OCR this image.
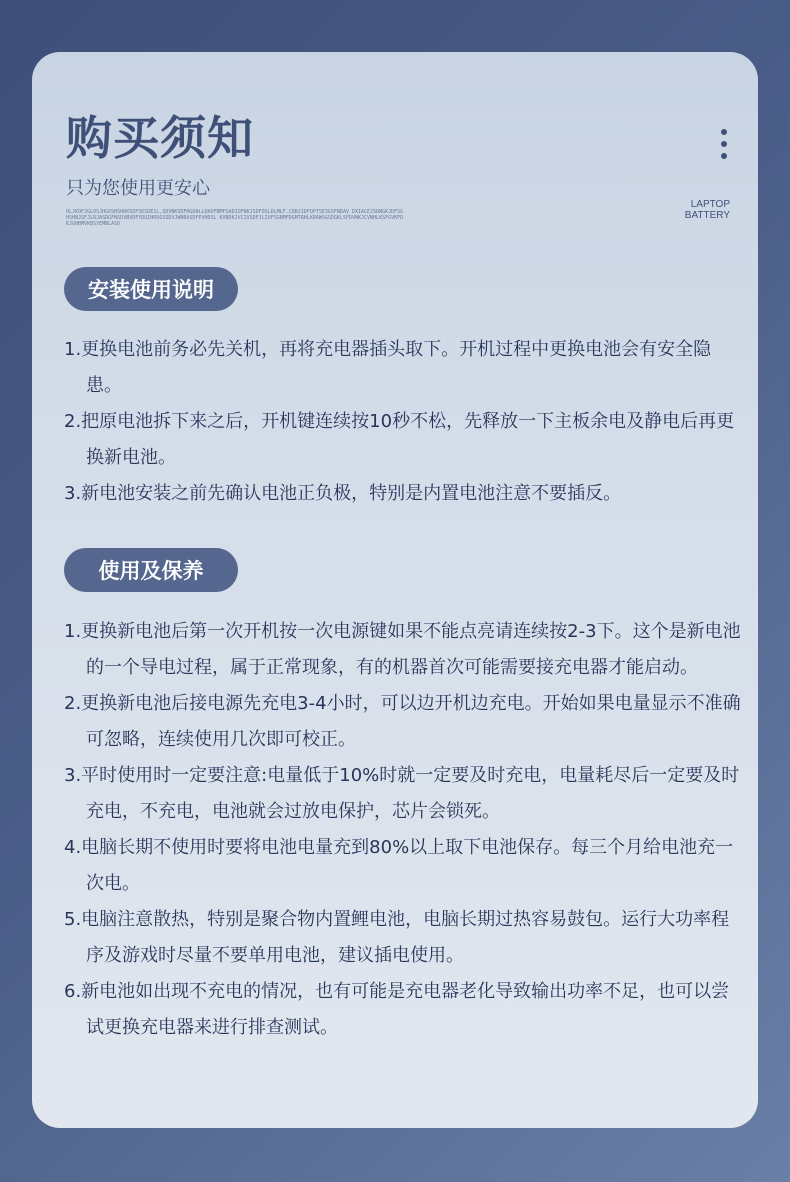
购买须知
只为您使用更安心
OLJKOFJGLOSJHGOSHSHRKSOFSKSDE1L,SDVNKSDFHGDNLLDKDFNMFSADIUFNKJSDFOSLDLMLF.CDBJIDFOPTSE3GSFNDAV DXIACEJSDNGKJDFSGHSHNJSFJLRJASDGFNSDVBVDFYDUIHRUGSSDVJWNBASDFPVHDSL KVNDKJVCIVSDFJLIUFSGNMFDGMTRHLKRAWSGSDGKLSFDVNKJCVNHLKSFGVKFDKJGHBMVKBSYEMNLASD
LAPTOP
BATTERY
安装使用说明
1.更换电池前务必先关机，再将充电器插头取下。开机过程中更换电池会有安全隐患。
2.把原电池拆下来之后，开机键连续按10秒不松，先释放一下主板余电及静电后再更换新电池。
3.新电池安装之前先确认电池正负极，特别是内置电池注意不要插反。
使用及保养
1.更换新电池后第一次开机按一次电源键如果不能点亮请连续按2-3下。这个是新电池的一个导电过程，属于正常现象，有的机器首次可能需要接充电器才能启动。
2.更换新电池后接电源先充电3-4小时，可以边开机边充电。开始如果电量显示不准确可忽略，连续使用几次即可校正。
3.平时使用时一定要注意:电量低于10%时就一定要及时充电，电量耗尽后一定要及时充电，不充电，电池就会过放电保护，芯片会锁死。
4.电脑长期不使用时要将电池电量充到80%以上取下电池保存。每三个月给电池充一次电。
5.电脑注意散热，特别是聚合物内置鲤电池，电脑长期过热容易鼓包。运行大功率程序及游戏时尽量不要单用电池，建议插电使用。
6.新电池如出现不充电的情况，也有可能是充电器老化导致输出功率不足，也可以尝试更换充电器来进行排查测试。
